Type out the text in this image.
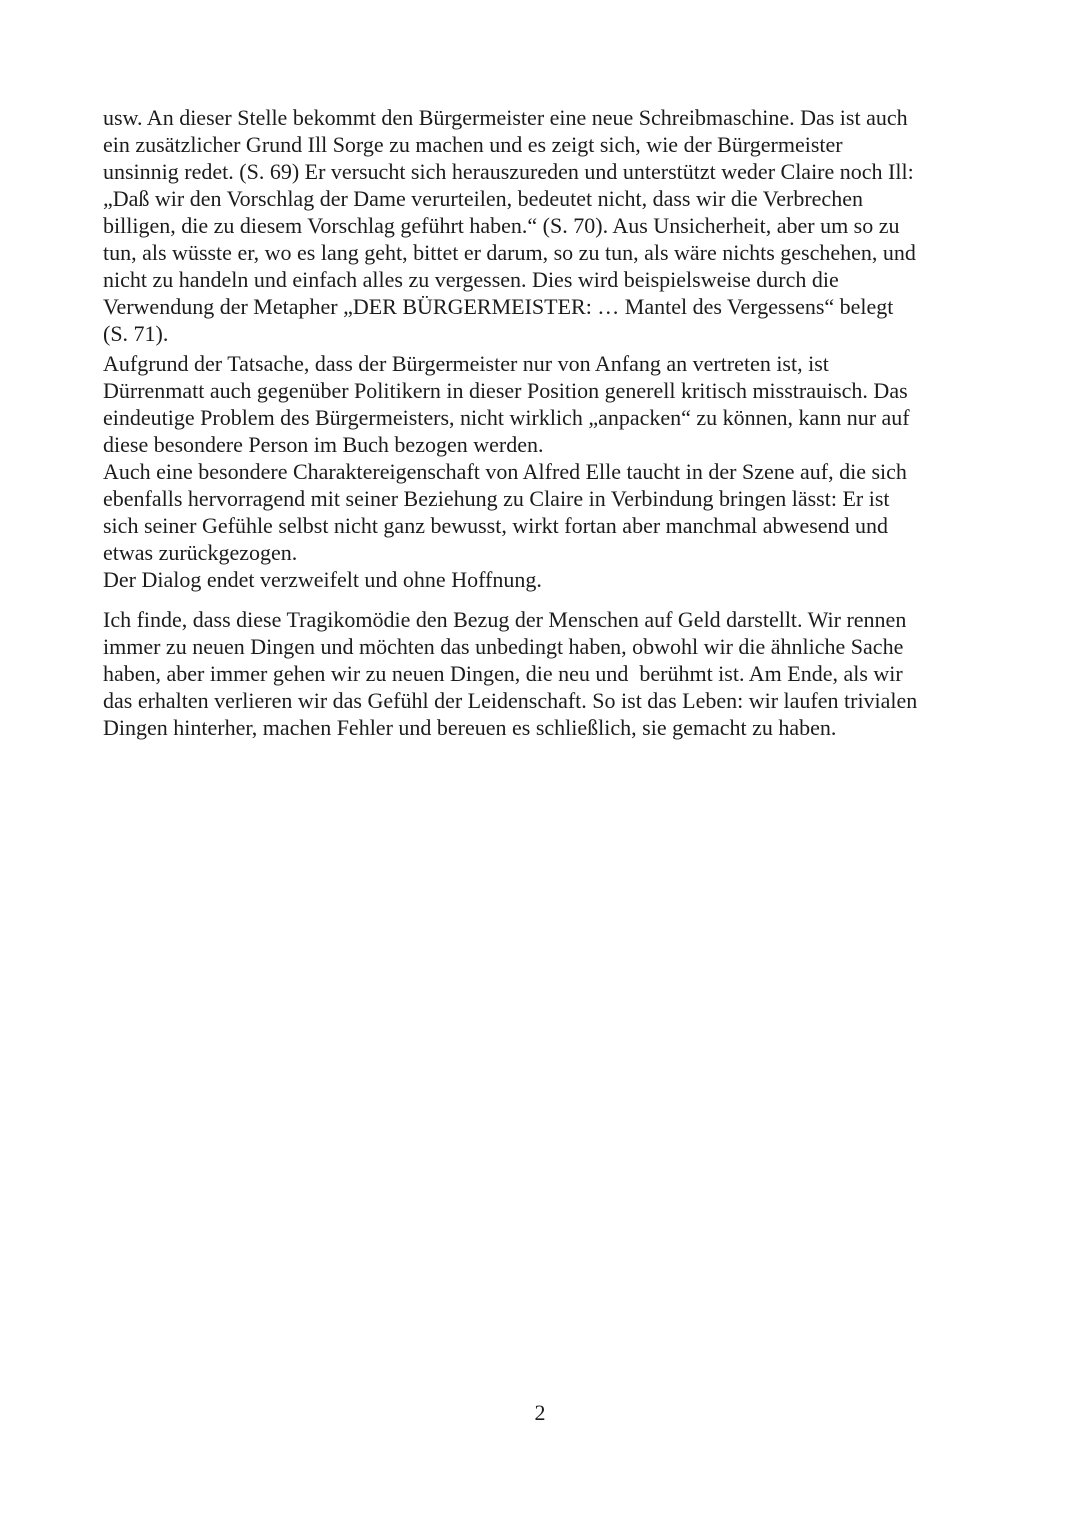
usw. An dieser Stelle bekommt den Bürgermeister eine neue Schreibmaschine. Das ist auch
ein zusätzlicher Grund Ill Sorge zu machen und es zeigt sich, wie der Bürgermeister
unsinnig redet. (S. 69) Er versucht sich herauszureden und unterstützt weder Claire noch Ill:
„Daß wir den Vorschlag der Dame verurteilen, bedeutet nicht, dass wir die Verbrechen
billigen, die zu diesem Vorschlag geführt haben.“ (S. 70). Aus Unsicherheit, aber um so zu
tun, als wüsste er, wo es lang geht, bittet er darum, so zu tun, als wäre nichts geschehen, und
nicht zu handeln und einfach alles zu vergessen. Dies wird beispielsweise durch die
Verwendung der Metapher „DER BÜRGERMEISTER: … Mantel des Vergessens“ belegt
(S. 71).
Aufgrund der Tatsache, dass der Bürgermeister nur von Anfang an vertreten ist, ist
Dürrenmatt auch gegenüber Politikern in dieser Position generell kritisch misstrauisch. Das
eindeutige Problem des Bürgermeisters, nicht wirklich „anpacken“ zu können, kann nur auf
diese besondere Person im Buch bezogen werden.
Auch eine besondere Charaktereigenschaft von Alfred Elle taucht in der Szene auf, die sich
ebenfalls hervorragend mit seiner Beziehung zu Claire in Verbindung bringen lässt: Er ist
sich seiner Gefühle selbst nicht ganz bewusst, wirkt fortan aber manchmal abwesend und
etwas zurückgezogen.
Der Dialog endet verzweifelt und ohne Hoffnung.
Ich finde, dass diese Tragikomödie den Bezug der Menschen auf Geld darstellt. Wir rennen
immer zu neuen Dingen und möchten das unbedingt haben, obwohl wir die ähnliche Sache
haben, aber immer gehen wir zu neuen Dingen, die neu und  berühmt ist. Am Ende, als wir
das erhalten verlieren wir das Gefühl der Leidenschaft. So ist das Leben: wir laufen trivialen
Dingen hinterher, machen Fehler und bereuen es schließlich, sie gemacht zu haben.
2
